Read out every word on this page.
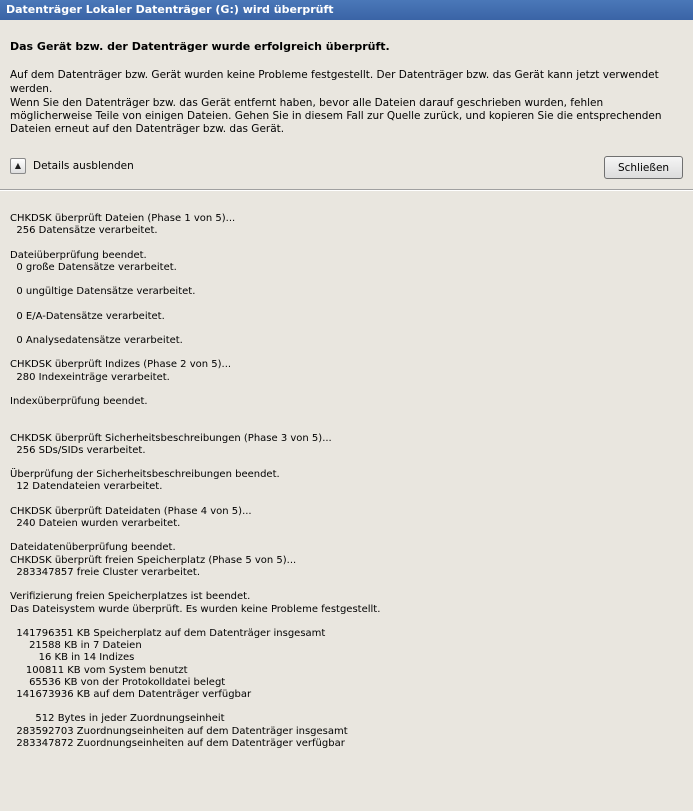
Datenträger Lokaler Datenträger (G:) wird überprüft
Das Gerät bzw. der Datenträger wurde erfolgreich überprüft.
Auf dem Datenträger bzw. Gerät wurden keine Probleme festgestellt. Der Datenträger bzw. das Gerät kann jetzt verwendet werden.
Wenn Sie den Datenträger bzw. das Gerät entfernt haben, bevor alle Dateien darauf geschrieben wurden, fehlen möglicherweise Teile von einigen Dateien. Gehen Sie in diesem Fall zur Quelle zurück, und kopieren Sie die entsprechenden Dateien erneut auf den Datenträger bzw. das Gerät.
▲ Details ausblenden	Schließen
CHKDSK überprüft Dateien (Phase 1 von 5)...
256 Datensätze verarbeitet.

Dateiüberprüfung beendet.
0 große Datensätze verarbeitet.

0 ungültige Datensätze verarbeitet.

0 E/A-Datensätze verarbeitet.

0 Analysedatensätze verarbeitet.

CHKDSK überprüft Indizes (Phase 2 von 5)...
280 Indexeinträge verarbeitet.

Indexüberprüfung beendet.

CHKDSK überprüft Sicherheitsbeschreibungen (Phase 3 von 5)...
256 SDs/SIDs verarbeitet.

Überprüfung der Sicherheitsbeschreibungen beendet.
12 Datendateien verarbeitet.

CHKDSK überprüft Dateidaten (Phase 4 von 5)...
240 Dateien wurden verarbeitet.

Dateidatenüberprüfung beendet.
CHKDSK überprüft freien Speicherplatz (Phase 5 von 5)...
283347857 freie Cluster verarbeitet.

Verifizierung freien Speicherplatzes ist beendet.
Das Dateisystem wurde überprüft. Es wurden keine Probleme festgestellt.

141796351 KB Speicherplatz auf dem Datenträger insgesamt
21588 KB in 7 Dateien
16 KB in 14 Indizes
100811 KB vom System benutzt
65536 KB von der Protokolldatei belegt
141673936 KB auf dem Datenträger verfügbar

512 Bytes in jeder Zuordnungseinheit
283592703 Zuordnungseinheiten auf dem Datenträger insgesamt
283347872 Zuordnungseinheiten auf dem Datenträger verfügbar
